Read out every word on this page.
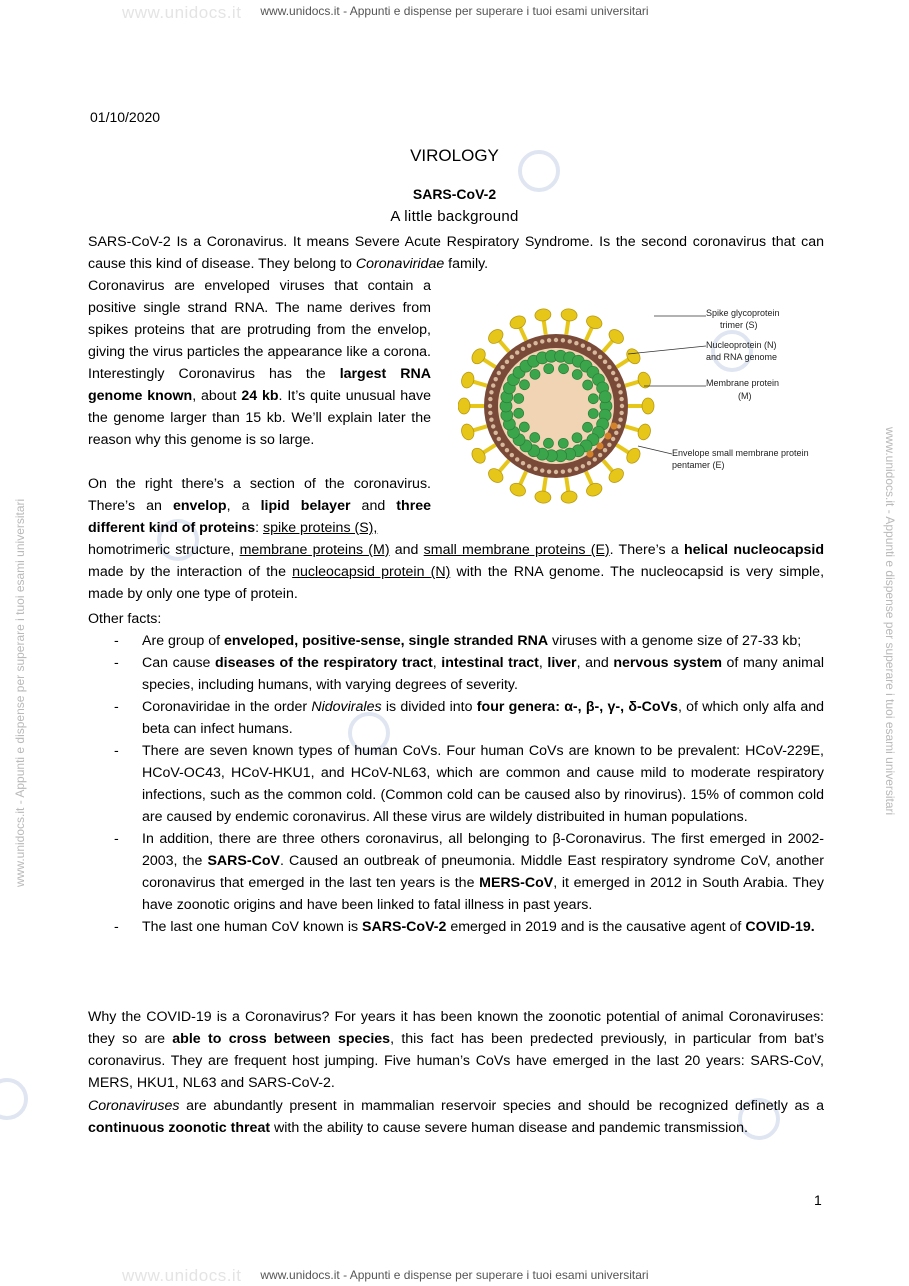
www.unidocs.it - Appunti e dispense per superare i tuoi esami universitari
www.unidocs.it - Appunti e dispense per superare i tuoi esami universitari
www.unidocs.it - Appunti e dispense per superare i tuoi esami universitari	www.unidocs.it - Appunti e dispense per superare i tuoi esami universitari
www.unidocs.it
www.unidocs.it
01/10/2020
VIROLOGY
SARS-CoV-2
A little background
SARS-CoV-2 Is a Coronavirus. It means Severe Acute Respiratory Syndrome. Is the second coronavirus that can cause this kind of disease. They belong to Coronaviridae family.
Coronavirus are enveloped viruses that contain a positive single strand RNA. The name derives from spikes proteins that are protruding from the envelop, giving the virus particles the appearance like a corona. Interestingly Coronavirus has the largest RNA genome known, about 24 kb. It’s quite unusual have the genome larger than 15 kb. We’ll explain later the reason why this genome is so large.
On the right there’s a section of the coronavirus. There’s an envelop, a lipid belayer and three different kind of proteins: spike proteins (S),
homotrimeric structure, membrane proteins (M) and small membrane proteins (E). There’s a helical nucleocapsid made by the interaction of the nucleocapsid protein (N) with the RNA genome. The nucleocapsid is very simple, made by only one type of protein.
Other facts:
- Are group of enveloped, positive-sense, single stranded RNA viruses with a genome size of 27-33 kb;
- Can cause diseases of the respiratory tract, intestinal tract, liver, and nervous system of many animal species, including humans, with varying degrees of severity.
- Coronaviridae in the order Nidovirales is divided into four genera: α-, β-, γ-, δ-CoVs, of which only alfa and beta can infect humans.
- There are seven known types of human CoVs. Four human CoVs are known to be prevalent: HCoV-229E, HCoV-OC43, HCoV-HKU1, and HCoV-NL63, which are common and cause mild to moderate respiratory infections, such as the common cold. (Common cold can be caused also by rinovirus). 15% of common cold are caused by endemic coronavirus. All these virus are wildely distribuited in human populations.
- In addition, there are three others coronavirus, all belonging to β-Coronavirus. The first emerged in 2002-2003, the SARS-CoV. Caused an outbreak of pneumonia. Middle East respiratory syndrome CoV, another coronavirus that emerged in the last ten years is the MERS-CoV, it emerged in 2012 in South Arabia. They have zoonotic origins and have been linked to fatal illness in past years.
- The last one human CoV known is SARS-CoV-2 emerged in 2019 and is the causative agent of COVID-19.
Why the COVID-19 is a Coronavirus? For years it has been known the zoonotic potential of animal Coronaviruses: they so are able to cross between species, this fact has been predected previously, in particular from bat’s coronavirus. They are frequent host jumping. Five human’s CoVs have emerged in the last 20 years: SARS-CoV, MERS, HKU1, NL63 and SARS-CoV-2.
Coronaviruses are abundantly present in mammalian reservoir species and should be recognized definetly as a continuous zoonotic threat with the ability to cause severe human disease and pandemic transmission.
1
Spike glycoprotein
trimer (S)
Nucleoprotein (N)
and RNA genome
Membrane protein
(M)
Envelope small membrane protein
pentamer (E)
